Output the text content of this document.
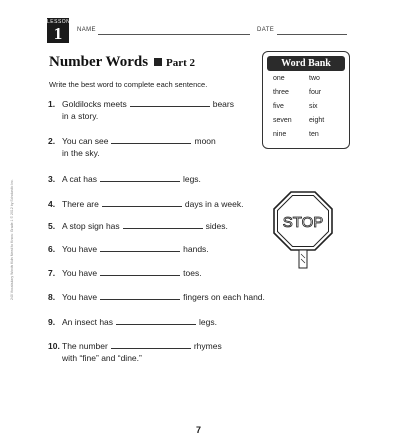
LESSON
1	NAME	DATE
Number Words Part 2
Write the best word to complete each sentence.
Word Bank
one	two
three	four
five	six
seven eight
nine	ten
1. Goldilocks meets	bears
in a story.
2. You can see	moon
in the sky.
3. A cat has	legs.
4. There are	days in a week.
5. A stop sign has	sides.
6. You have	hands.
7. You have	toes.
8. You have	fingers on each hand.
9. An insect has	legs.
10. The number	rhymes
with “fine” and “dine.”
STOP
240 Vocabulary Words Kids Need to Know: Grade 1 © 2012 by Scholastic Inc.
7
